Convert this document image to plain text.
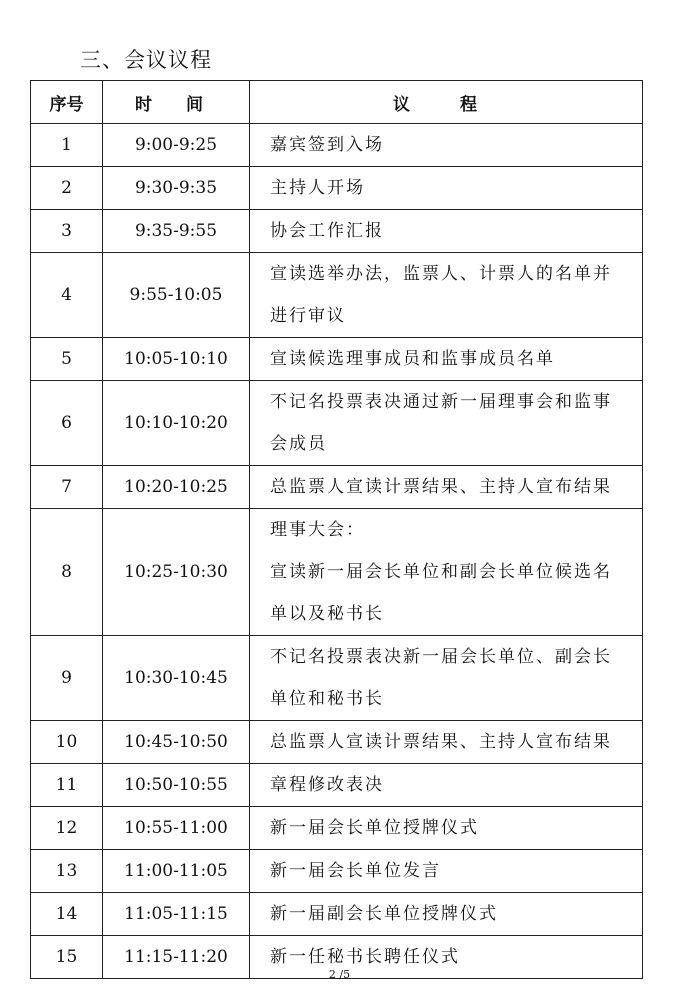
三、会议议程
序号	时 间	议 程
1	9:00-9:25	嘉宾签到入场

2	9:30-9:35	主持人开场

3	9:35-9:55	协会工作汇报

4	9:55-10:05	宣读选举办法，监票人、计票人的名单并
进行审议

5	10:05-10:10	宣读候选理事成员和监事成员名单

6	10:10-10:20	不记名投票表决通过新一届理事会和监事
会成员

7	10:20-10:25	总监票人宣读计票结果、主持人宣布结果

8	10:25-10:30	理事大会：
宣读新一届会长单位和副会长单位候选名
单以及秘书长

9	10:30-10:45	不记名投票表决新一届会长单位、副会长
单位和秘书长

10	10:45-10:50	总监票人宣读计票结果、主持人宣布结果

11	10:50-10:55	章程修改表决

12	10:55-11:00	新一届会长单位授牌仪式

13	11:00-11:05	新一届会长单位发言

14	11:05-11:15	新一届副会长单位授牌仪式

15	11:15-11:20	新一任秘书长聘任仪式
2 /5
